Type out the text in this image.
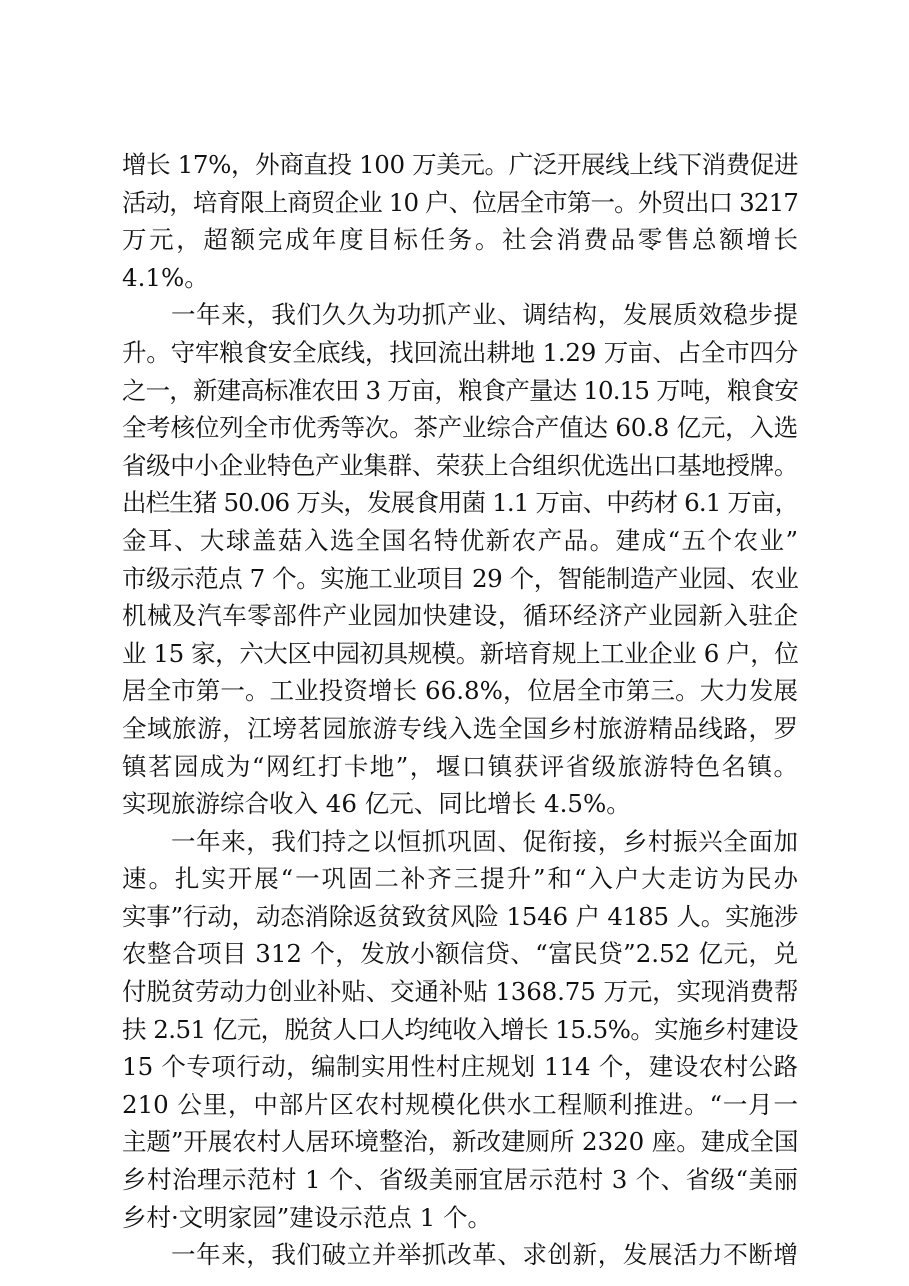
增长 17%，外商直投 100 万美元。广泛开展线上线下消费促进
活动，培育限上商贸企业 10 户、位居全市第一。外贸出口 3217
万元，超额完成年度目标任务。社会消费品零售总额增长
4.1%。
一年来，我们久久为功抓产业、调结构，发展质效稳步提
升。守牢粮食安全底线，找回流出耕地 1.29 万亩、占全市四分
之一，新建高标准农田 3 万亩，粮食产量达 10.15 万吨，粮食安
全考核位列全市优秀等次。茶产业综合产值达 60.8 亿元，入选
省级中小企业特色产业集群、荣获上合组织优选出口基地授牌。
出栏生猪 50.06 万头，发展食用菌 1.1 万亩、中药材 6.1 万亩，
金耳、大球盖菇入选全国名特优新农产品。建成“五个农业”
市级示范点 7 个。实施工业项目 29 个，智能制造产业园、农业
机械及汽车零部件产业园加快建设，循环经济产业园新入驻企
业 15 家，六大区中园初具规模。新培育规上工业企业 6 户，位
居全市第一。工业投资增长 66.8%，位居全市第三。大力发展
全域旅游，江塝茗园旅游专线入选全国乡村旅游精品线路，罗
镇茗园成为“网红打卡地”，堰口镇获评省级旅游特色名镇。
实现旅游综合收入 46 亿元、同比增长 4.5%。
一年来，我们持之以恒抓巩固、促衔接，乡村振兴全面加
速。扎实开展“一巩固二补齐三提升”和“入户大走访为民办
实事”行动，动态消除返贫致贫风险 1546 户 4185 人。实施涉
农整合项目 312 个，发放小额信贷、“富民贷”2.52 亿元，兑
付脱贫劳动力创业补贴、交通补贴 1368.75 万元，实现消费帮
扶 2.51 亿元，脱贫人口人均纯收入增长 15.5%。实施乡村建设
15 个专项行动，编制实用性村庄规划 114 个，建设农村公路
210 公里，中部片区农村规模化供水工程顺利推进。“一月一
主题”开展农村人居环境整治，新改建厕所 2320 座。建成全国
乡村治理示范村 1 个、省级美丽宜居示范村 3 个、省级“美丽
乡村·文明家园”建设示范点 1 个。
一年来，我们破立并举抓改革、求创新，发展活力不断增
